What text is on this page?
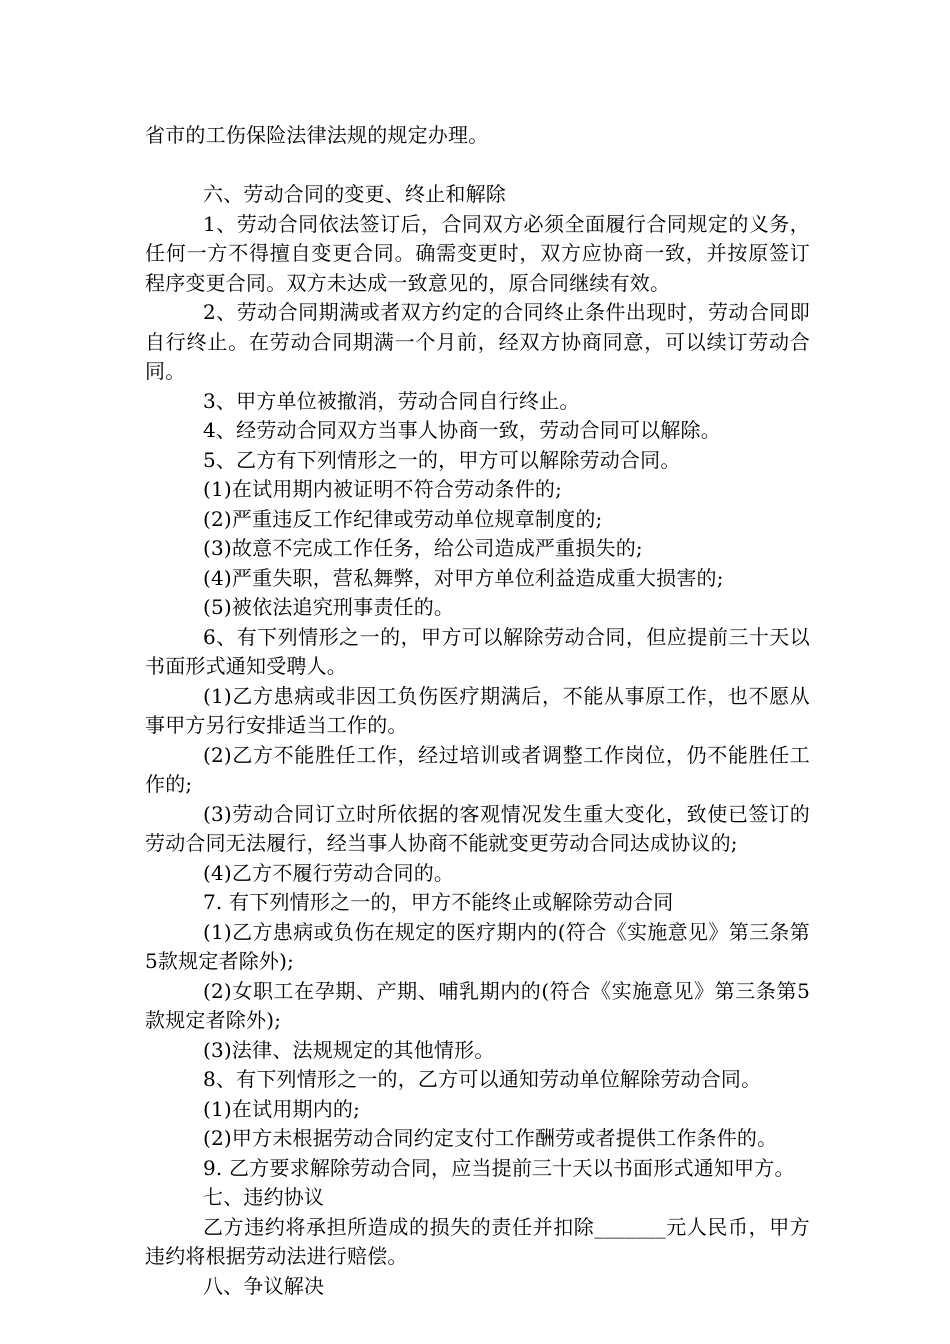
省市的工伤保险法律法规的规定办理。

六、劳动合同的变更、终止和解除

1、劳动合同依法签订后，合同双方必须全面履行合同规定的义务，任何一方不得擅自变更合同。确需变更时，双方应协商一致，并按原签订程序变更合同。双方未达成一致意见的，原合同继续有效。

2、劳动合同期满或者双方约定的合同终止条件出现时，劳动合同即自行终止。在劳动合同期满一个月前，经双方协商同意，可以续订劳动合同。

3、甲方单位被撤消，劳动合同自行终止。

4、经劳动合同双方当事人协商一致，劳动合同可以解除。

5、乙方有下列情形之一的，甲方可以解除劳动合同。

(1)在试用期内被证明不符合劳动条件的;

(2)严重违反工作纪律或劳动单位规章制度的;

(3)故意不完成工作任务，给公司造成严重损失的;

(4)严重失职，营私舞弊，对甲方单位利益造成重大损害的;

(5)被依法追究刑事责任的。

6、有下列情形之一的，甲方可以解除劳动合同，但应提前三十天以书面形式通知受聘人。

(1)乙方患病或非因工负伤医疗期满后，不能从事原工作，也不愿从事甲方另行安排适当工作的。

(2)乙方不能胜任工作，经过培训或者调整工作岗位，仍不能胜任工作的;

(3)劳动合同订立时所依据的客观情况发生重大变化，致使已签订的劳动合同无法履行，经当事人协商不能就变更劳动合同达成协议的;

(4)乙方不履行劳动合同的。

7. 有下列情形之一的，甲方不能终止或解除劳动合同

(1)乙方患病或负伤在规定的医疗期内的(符合《实施意见》第三条第5款规定者除外);

(2)女职工在孕期、产期、哺乳期内的(符合《实施意见》第三条第5款规定者除外);

(3)法律、法规规定的其他情形。

8、有下列情形之一的，乙方可以通知劳动单位解除劳动合同。

(1)在试用期内的;

(2)甲方未根据劳动合同约定支付工作酬劳或者提供工作条件的。

9. 乙方要求解除劳动合同，应当提前三十天以书面形式通知甲方。

七、违约协议

乙方违约将承担所造成的损失的责任并扣除_______元人民币，甲方违约将根据劳动法进行赔偿。

八、争议解决
